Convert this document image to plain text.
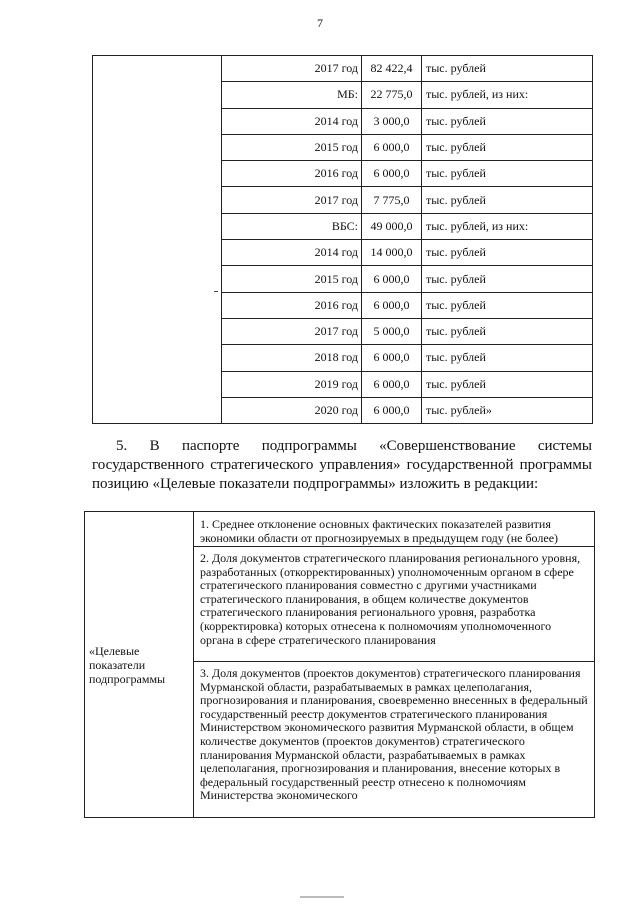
7
	2017 год	82 422,4	тыс. рублей
	МБ:	22 775,0	тыс. рублей, из них:
	2014 год	3 000,0	тыс. рублей
	2015 год	6 000,0	тыс. рублей
	2016 год	6 000,0	тыс. рублей
	2017 год	7 775,0	тыс. рублей
	ВБС:	49 000,0	тыс. рублей, из них:
	2014 год	14 000,0	тыс. рублей
	2015 год	6 000,0	тыс. рублей
	2016 год	6 000,0	тыс. рублей
	2017 год	5 000,0	тыс. рублей
	2018 год	6 000,0	тыс. рублей
	2019 год	6 000,0	тыс. рублей
	2020 год	6 000,0	тыс. рублей»
5. В паспорте подпрограммы «Совершенствование системы государственного стратегического управления» государственной программы позицию «Целевые показатели подпрограммы» изложить в редакции:
«Целевые показатели подпрограммы	
1. Среднее отклонение основных фактических показателей развития экономики области от прогнозируемых в предыдущем году (не более)
2. Доля документов стратегического планирования регионального уровня, разработанных (откорректированных) уполномоченным органом в сфере стратегического планирования совместно с другими участниками стратегического планирования, в общем количестве документов стратегического планирования регионального уровня, разработка (корректировка) которых отнесена к полномочиям уполномоченного органа в сфере стратегического планирования
3. Доля документов (проектов документов) стратегического планирования Мурманской области, разрабатываемых в рамках целеполагания, прогнозирования и планирования, своевременно внесенных в федеральный государственный реестр документов стратегического планирования Министерством экономического развития Мурманской области, в общем количестве документов (проектов документов) стратегического планирования Мурманской области, разрабатываемых в рамках целеполагания, прогнозирования и планирования, внесение которых в федеральный государственный реестр отнесено к полномочиям Министерства экономического
